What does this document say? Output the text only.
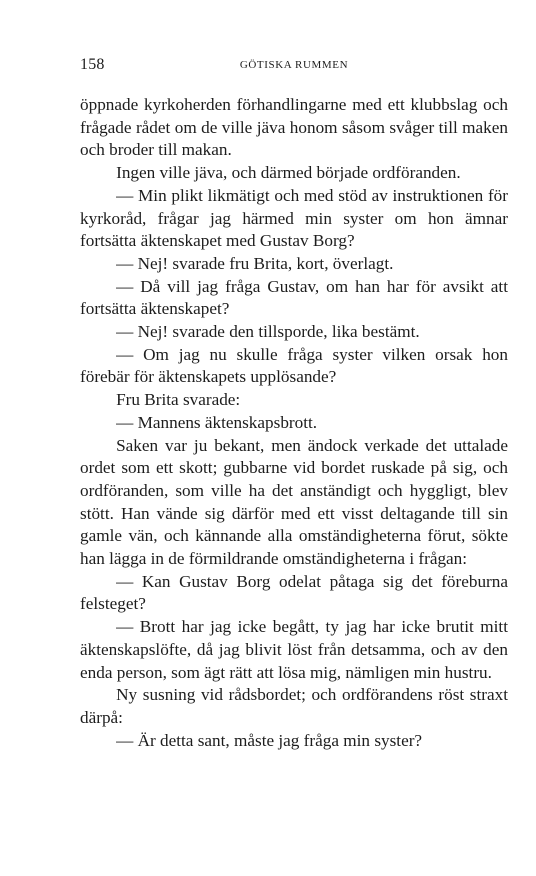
158	GÖTISKA RUMMEN

öppnade kyrkoherden förhandlingarne med ett klubbslag och frågade rådet om de ville jäva honom såsom svåger till maken och broder till makan.

Ingen ville jäva, och därmed började ordföranden.

— Min plikt likmätigt och med stöd av instruktionen för kyrkoråd, frågar jag härmed min syster om hon ämnar fortsätta äktenskapet med Gustav Borg?

— Nej! svarade fru Brita, kort, överlagt.

— Då vill jag fråga Gustav, om han har för avsikt att fortsätta äktenskapet?

— Nej! svarade den tillsporde, lika bestämt.

— Om jag nu skulle fråga syster vilken orsak hon förebär för äktenskapets upplösande?

Fru Brita svarade:

— Mannens äktenskapsbrott.

Saken var ju bekant, men ändock verkade det uttalade ordet som ett skott; gubbarne vid bordet ruskade på sig, och ordföranden, som ville ha det anständigt och hyggligt, blev stött. Han vände sig därför med ett visst deltagande till sin gamle vän, och kännande alla omständigheterna förut, sökte han lägga in de förmildrande omständigheterna i frågan:

— Kan Gustav Borg odelat påtaga sig det föreburna felsteget?

— Brott har jag icke begått, ty jag har icke brutit mitt äktenskapslöfte, då jag blivit löst från detsamma, och av den enda person, som ägt rätt att lösa mig, nämligen min hustru.

Ny susning vid rådsbordet; och ordförandens röst straxt därpå:

— Är detta sant, måste jag fråga min syster?
